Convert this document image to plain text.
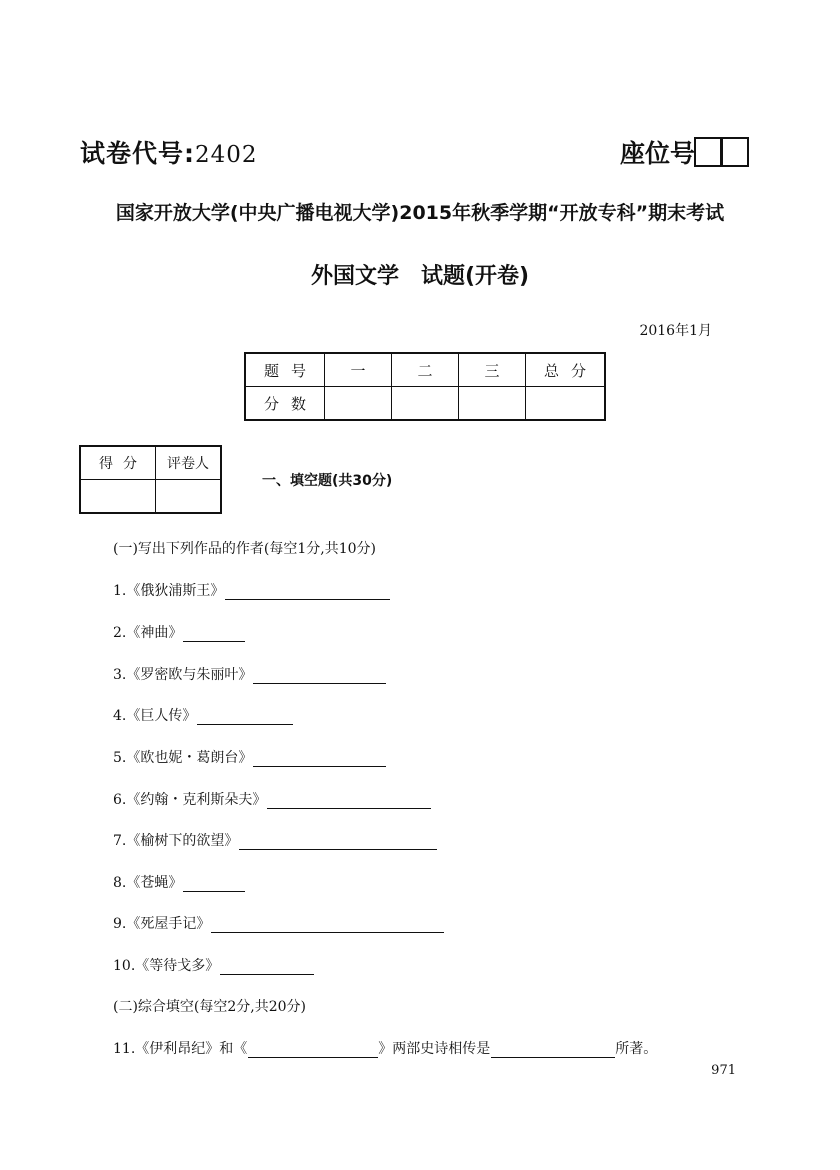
试卷代号:2402	座位号
国家开放大学(中央广播电视大学)2015年秋季学期“开放专科”期末考试
外国文学　试题(开卷)
2016年1月
题号	一	二	三	总分
分数				
得分	评卷人

一、填空题(共30分)
(一)写出下列作品的作者(每空1分,共10分)
1.《俄狄浦斯王》
2.《神曲》
3.《罗密欧与朱丽叶》
4.《巨人传》
5.《欧也妮・葛朗台》
6.《约翰・克利斯朵夫》
7.《榆树下的欲望》
8.《苍蝇》
9.《死屋手记》
10.《等待戈多》
(二)综合填空(每空2分,共20分)
11.《伊利昂纪》和《	》两部史诗相传是	所著。
971
